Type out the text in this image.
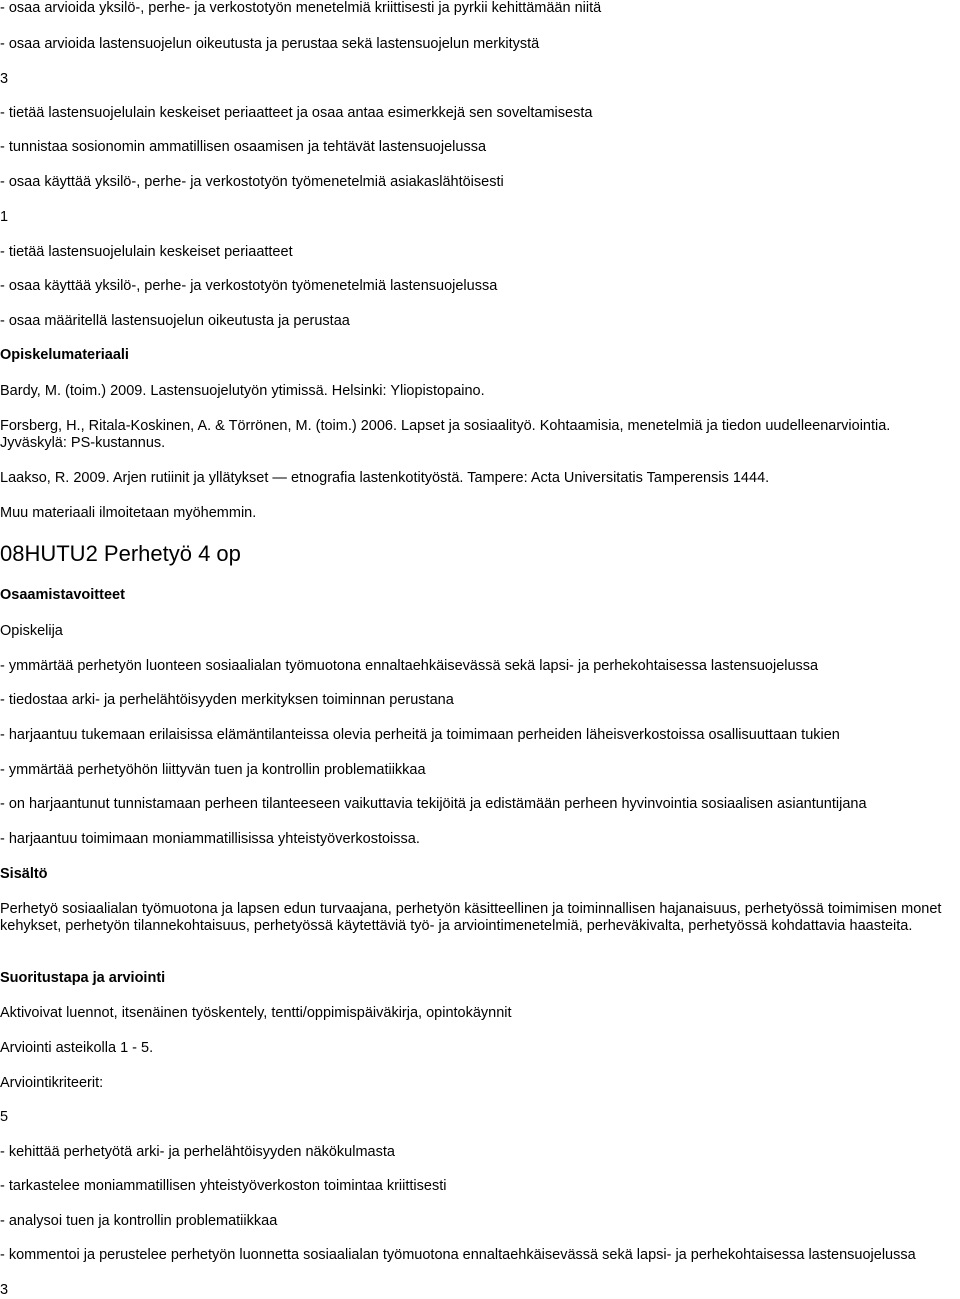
- osaa arvioida yksilö-, perhe- ja verkostotyön menetelmiä kriittisesti ja pyrkii kehittämään niitä
- osaa arvioida lastensuojelun oikeutusta ja perustaa sekä lastensuojelun merkitystä
3
- tietää lastensuojelulain keskeiset periaatteet ja osaa antaa esimerkkejä sen soveltamisesta
- tunnistaa sosionomin ammatillisen osaamisen ja tehtävät lastensuojelussa
- osaa käyttää yksilö-, perhe- ja verkostotyön työmenetelmiä asiakaslähtöisesti
1
- tietää lastensuojelulain keskeiset periaatteet
- osaa käyttää yksilö-, perhe- ja verkostotyön työmenetelmiä lastensuojelussa
- osaa määritellä lastensuojelun oikeutusta ja perustaa
Opiskelumateriaali
Bardy, M. (toim.) 2009. Lastensuojelutyön ytimissä. Helsinki: Yliopistopaino.
Forsberg, H., Ritala-Koskinen, A. & Törrönen, M. (toim.) 2006. Lapset ja sosiaalityö. Kohtaamisia, menetelmiä ja tiedon uudelleenarviointia.
Jyväskylä: PS-kustannus.
Laakso, R. 2009. Arjen rutiinit ja yllätykset — etnografia lastenkotityöstä. Tampere: Acta Universitatis Tamperensis 1444.
Muu materiaali ilmoitetaan myöhemmin.
08HUTU2 Perhetyö 4 op
Osaamistavoitteet
Opiskelija
- ymmärtää perhetyön luonteen sosiaalialan työmuotona ennaltaehkäisevässä sekä lapsi- ja perhekohtaisessa lastensuojelussa
- tiedostaa arki- ja perhelähtöisyyden merkityksen toiminnan perustana
- harjaantuu tukemaan erilaisissa elämäntilanteissa olevia perheitä ja toimimaan perheiden läheisverkostoissa osallisuuttaan tukien
- ymmärtää perhetyöhön liittyvän tuen ja kontrollin problematiikkaa
- on harjaantunut tunnistamaan perheen tilanteeseen vaikuttavia tekijöitä ja edistämään perheen hyvinvointia sosiaalisen asiantuntijana
- harjaantuu toimimaan moniammatillisissa yhteistyöverkostoissa.
Sisältö
Perhetyö sosiaalialan työmuotona ja lapsen edun turvaajana, perhetyön käsitteellinen ja toiminnallisen hajanaisuus, perhetyössä toimimisen monet kehykset, perhetyön tilannekohtaisuus, perhetyössä käytettäviä työ- ja arviointimenetelmiä, perheväkivalta, perhetyössä kohdattavia haasteita.
Suoritustapa ja arviointi
Aktivoivat luennot, itsenäinen työskentely, tentti/oppimispäiväkirja, opintokäynnit
Arviointi asteikolla 1 - 5.
Arviointikriteerit:
5
- kehittää perhetyötä arki- ja perhelähtöisyyden näkökulmasta
- tarkastelee moniammatillisen yhteistyöverkoston toimintaa kriittisesti
- analysoi tuen ja kontrollin problematiikkaa
- kommentoi ja perustelee perhetyön luonnetta sosiaalialan työmuotona ennaltaehkäisevässä sekä lapsi- ja perhekohtaisessa lastensuojelussa
3
